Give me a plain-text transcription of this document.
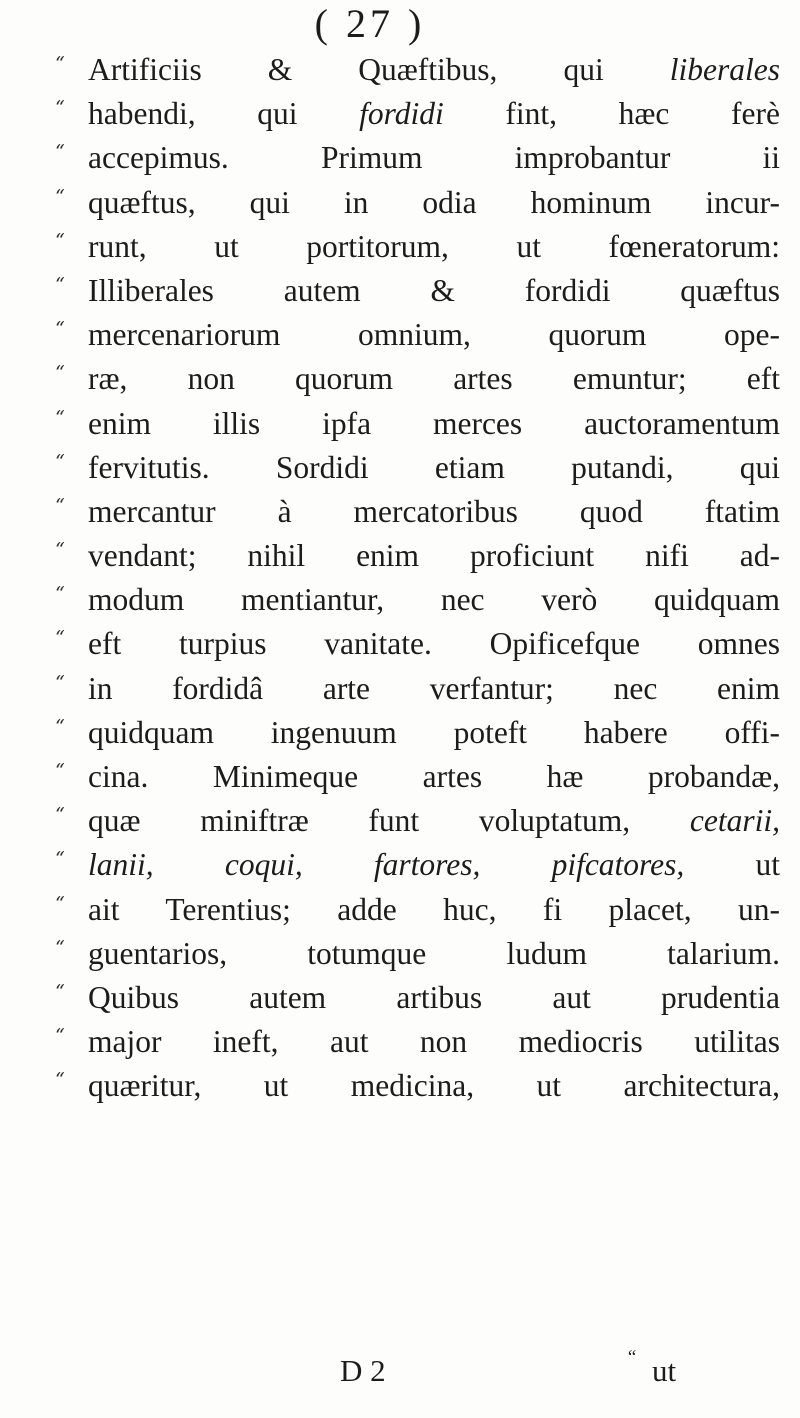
( 27 )
“ Artificiis & Quæftibus, qui liberales
“ habendi, qui fordidi fint, hæc ferè
“ accepimus. Primum improbantur ii
“ quæftus, qui in odia hominum incur-
“ runt, ut portitorum, ut fœneratorum:
“ Illiberales autem & fordidi quæftus
“ mercenariorum omnium, quorum ope-
“ ræ, non quorum artes emuntur; eft
“ enim illis ipfa merces auctoramentum
“ fervitutis. Sordidi etiam putandi, qui
“ mercantur à mercatoribus quod ftatim
“ vendant; nihil enim proficiunt nifi ad-
“ modum mentiantur, nec verò quidquam
“ eft turpius vanitate. Opificefque omnes
“ in fordidâ arte verfantur; nec enim
“ quidquam ingenuum poteft habere offi-
“ cina. Minimeque artes hæ probandæ,
“ quæ miniftræ funt voluptatum, cetarii,
“ lanii, coqui, fartores, pifcatores, ut
“ ait Terentius; adde huc, fi placet, un-
“ guentarios, totumque ludum talarium.
“ Quibus autem artibus aut prudentia
“ major ineft, aut non mediocris utilitas
“ quæritur, ut medicina, ut architectura,
D 2	“ ut
